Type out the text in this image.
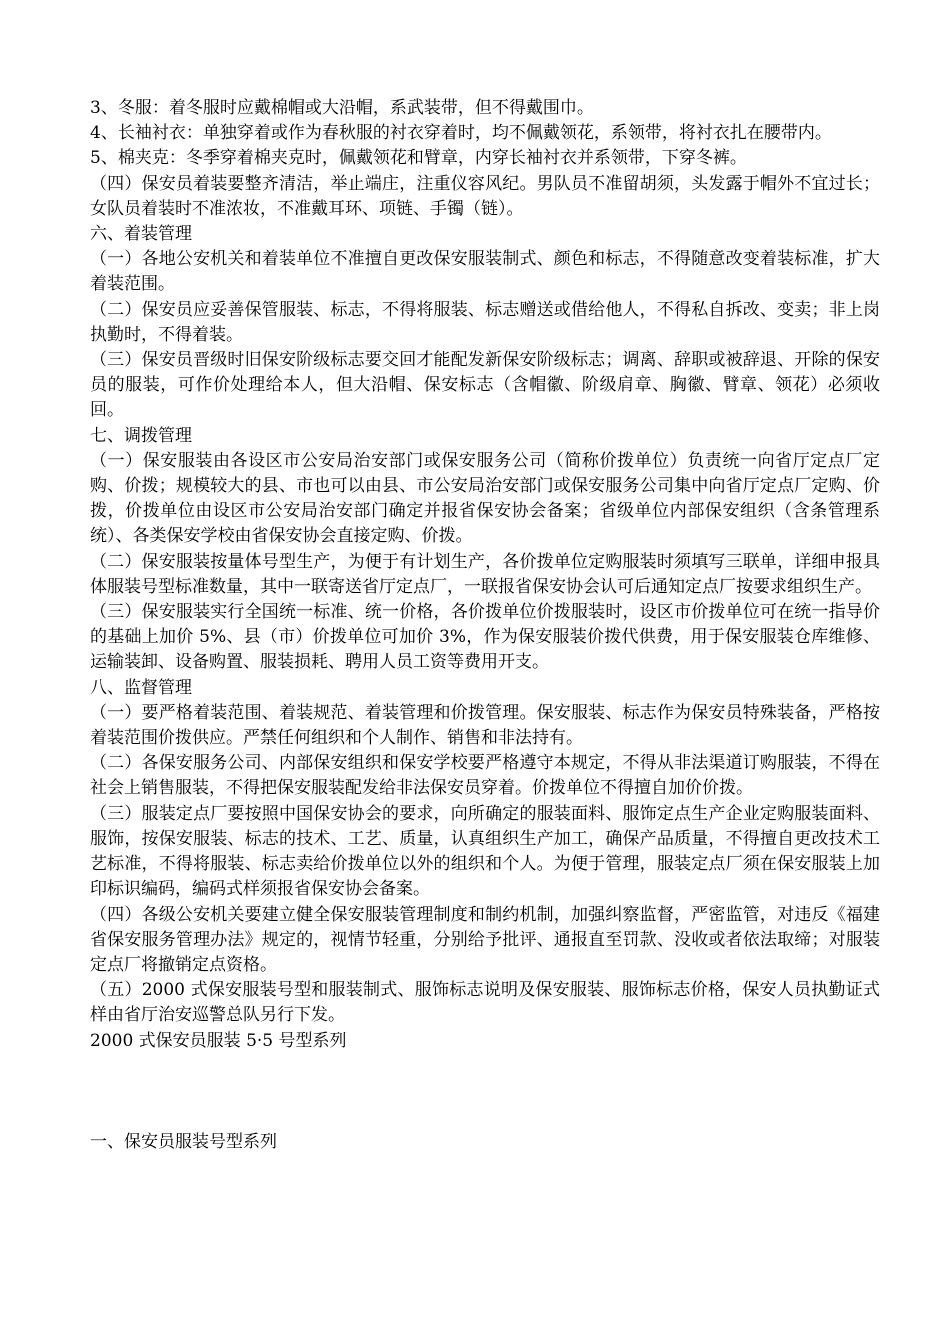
3、冬服：着冬服时应戴棉帽或大沿帽，系武装带，但不得戴围巾。

4、长袖衬衣：单独穿着或作为春秋服的衬衣穿着时，均不佩戴领花，系领带，将衬衣扎在腰带内。

5、棉夹克：冬季穿着棉夹克时，佩戴领花和臂章，内穿长袖衬衣并系领带，下穿冬裤。

（四）保安员着装要整齐清洁，举止端庄，注重仪容风纪。男队员不准留胡须，头发露于帽外不宜过长；女队员着装时不准浓妆，不准戴耳环、项链、手镯（链）。

六、着装管理

（一）各地公安机关和着装单位不准擅自更改保安服装制式、颜色和标志，不得随意改变着装标准，扩大着装范围。

（二）保安员应妥善保管服装、标志，不得将服装、标志赠送或借给他人，不得私自拆改、变卖；非上岗执勤时，不得着装。

（三）保安员晋级时旧保安阶级标志要交回才能配发新保安阶级标志；调离、辞职或被辞退、开除的保安员的服装，可作价处理给本人，但大沿帽、保安标志（含帽徽、阶级肩章、胸徽、臂章、领花）必须收回。

七、调拨管理

（一）保安服装由各设区市公安局治安部门或保安服务公司（简称价拨单位）负责统一向省厅定点厂定购、价拨；规模较大的县、市也可以由县、市公安局治安部门或保安服务公司集中向省厅定点厂定购、价拨，价拨单位由设区市公安局治安部门确定并报省保安协会备案；省级单位内部保安组织（含条管理系统）、各类保安学校由省保安协会直接定购、价拨。

（二）保安服装按量体号型生产，为便于有计划生产，各价拨单位定购服装时须填写三联单，详细申报具体服装号型标准数量，其中一联寄送省厅定点厂，一联报省保安协会认可后通知定点厂按要求组织生产。

（三）保安服装实行全国统一标准、统一价格，各价拨单位价拨服装时，设区市价拨单位可在统一指导价的基础上加价 5%、县（市）价拨单位可加价 3%，作为保安服装价拨代供费，用于保安服装仓库维修、运输装卸、设备购置、服装损耗、聘用人员工资等费用开支。

八、监督管理

（一）要严格着装范围、着装规范、着装管理和价拨管理。保安服装、标志作为保安员特殊装备，严格按着装范围价拨供应。严禁任何组织和个人制作、销售和非法持有。

（二）各保安服务公司、内部保安组织和保安学校要严格遵守本规定，不得从非法渠道订购服装，不得在社会上销售服装，不得把保安服装配发给非法保安员穿着。价拨单位不得擅自加价价拨。

（三）服装定点厂要按照中国保安协会的要求，向所确定的服装面料、服饰定点生产企业定购服装面料、服饰，按保安服装、标志的技术、工艺、质量，认真组织生产加工，确保产品质量，不得擅自更改技术工艺标准，不得将服装、标志卖给价拨单位以外的组织和个人。为便于管理，服装定点厂须在保安服装上加印标识编码，编码式样须报省保安协会备案。

（四）各级公安机关要建立健全保安服装管理制度和制约机制，加强纠察监督，严密监管，对违反《福建省保安服务管理办法》规定的，视情节轻重，分别给予批评、通报直至罚款、没收或者依法取缔；对服装定点厂将撤销定点资格。

（五）2000 式保安服装号型和服装制式、服饰标志说明及保安服装、服饰标志价格，保安人员执勤证式样由省厅治安巡警总队另行下发。

2000 式保安员服装 5·5 号型系列

一、保安员服装号型系列
